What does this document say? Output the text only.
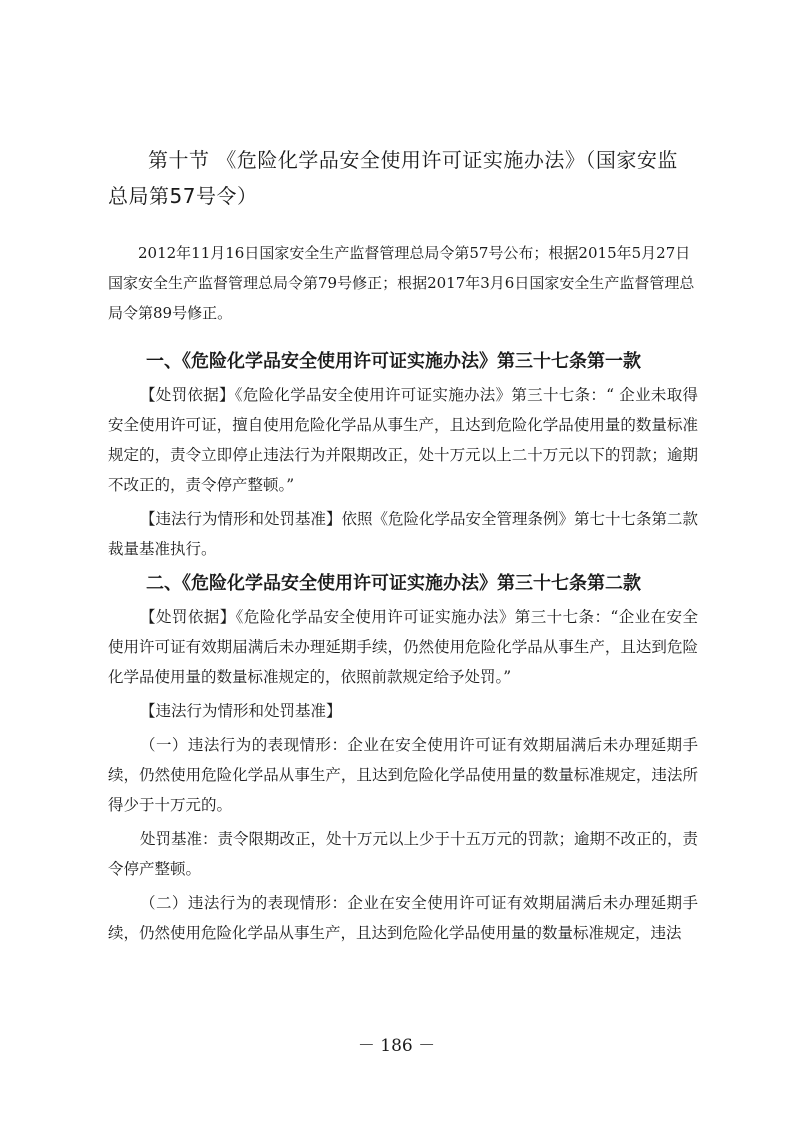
第十节 《危险化学品安全使用许可证实施办法》（国家安监总局第57号令）

2012年11月16日国家安全生产监督管理总局令第57号公布；根据2015年5月27日国家安全生产监督管理总局令第79号修正；根据2017年3月6日国家安全生产监督管理总局令第89号修正。

一、《危险化学品安全使用许可证实施办法》第三十七条第一款

【处罚依据】《危险化学品安全使用许可证实施办法》第三十七条：“ 企业未取得安全使用许可证，擅自使用危险化学品从事生产，且达到危险化学品使用量的数量标准规定的，责令立即停止违法行为并限期改正，处十万元以上二十万元以下的罚款；逾期不改正的，责令停产整顿。”

【违法行为情形和处罚基准】依照《危险化学品安全管理条例》第七十七条第二款裁量基准执行。

二、《危险化学品安全使用许可证实施办法》第三十七条第二款

【处罚依据】《危险化学品安全使用许可证实施办法》第三十七条：“企业在安全使用许可证有效期届满后未办理延期手续，仍然使用危险化学品从事生产，且达到危险化学品使用量的数量标准规定的，依照前款规定给予处罚。”

【违法行为情形和处罚基准】

（一）违法行为的表现情形：企业在安全使用许可证有效期届满后未办理延期手续，仍然使用危险化学品从事生产，且达到危险化学品使用量的数量标准规定，违法所得少于十万元的。

处罚基准：责令限期改正，处十万元以上少于十五万元的罚款；逾期不改正的，责令停产整顿。

（二）违法行为的表现情形：企业在安全使用许可证有效期届满后未办理延期手续，仍然使用危险化学品从事生产，且达到危险化学品使用量的数量标准规定，违法

－ 186 －
